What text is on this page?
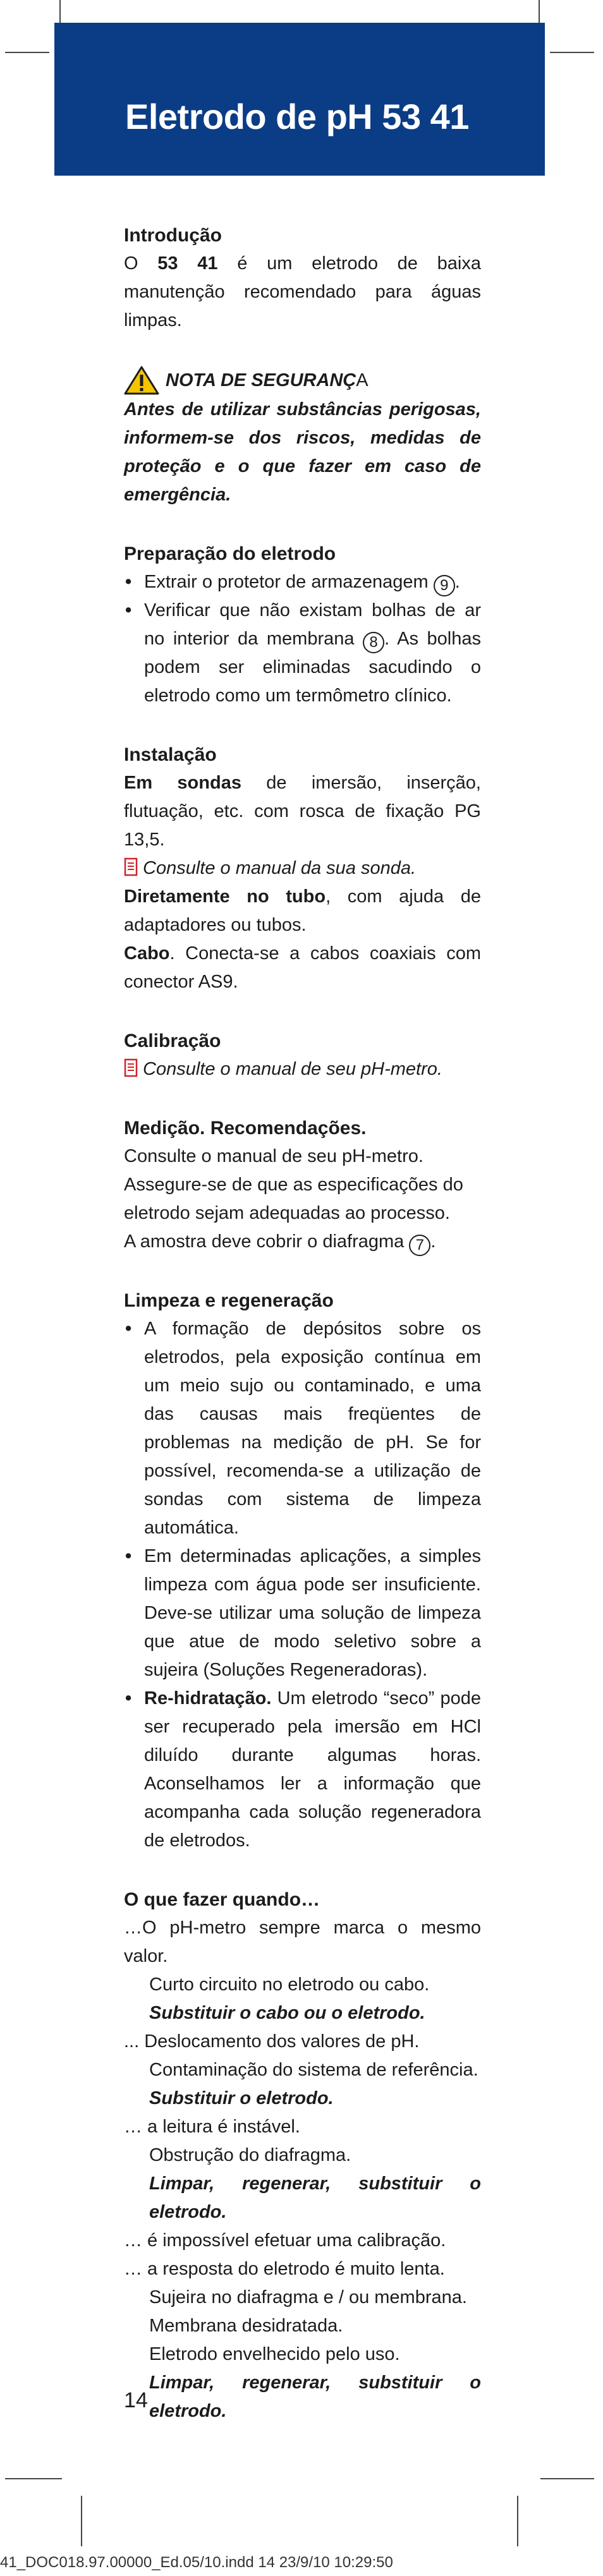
Eletrodo de pH 53 41

Introdução

O 53 41 é um eletrodo de baixa manutenção recomendado para águas limpas.

NOTA DE SEGURANÇ A

Antes de utilizar substâncias perigosas, informem-se dos riscos, medidas de proteção e o que fazer em caso de emergência.

Preparação do eletrodo

• Extrair o protetor de armazenagem 9 .
• Verificar que não existam bolhas de ar no interior da membrana 8 . As bolhas podem ser eliminadas sacudindo o eletrodo como um termômetro clínico.

Instalação

Em sondas de imersão, inserção, flutuação, etc. com rosca de fixação PG 13,5.

Consulte o manual da sua sonda.

Diretamente no tubo, com ajuda de adaptadores ou tubos.

Cabo. Conecta-se a cabos coaxiais com conector AS9.

Calibração

Consulte o manual de seu pH-metro.

Medição. Recomendações.

Consulte o manual de seu pH-metro.

Assegure-se de que as especificações do eletrodo sejam adequadas ao processo.

A amostra deve cobrir o diafragma 7 .

Limpeza e regeneração

• A formação de depósitos sobre os eletrodos, pela exposição contínua em um meio sujo ou contaminado, e uma das causas mais freqüentes de problemas na medição de pH. Se for possível, recomenda-se a utilização de sondas com sistema de limpeza automática.
• Em determinadas aplicações, a simples limpeza com água pode ser insuficiente. Deve-se utilizar uma solução de limpeza que atue de modo seletivo sobre a sujeira (Soluções Regeneradoras).
• Re-hidratação. Um eletrodo “seco” pode ser recuperado pela imersão em HCl diluído durante algumas horas. Aconselhamos ler a informação que acompanha cada solução regeneradora de eletrodos.

O que fazer quando…

…O pH-metro sempre marca o mesmo valor.

Curto circuito no eletrodo ou cabo.

Substituir o cabo ou o eletrodo.

... Deslocamento dos valores de pH.

Contaminação do sistema de referência.

Substituir o eletrodo.

… a leitura é instável.

Obstrução do diafragma.

Limpar, regenerar, substituir o eletrodo.

… é impossível efetuar uma calibração.

… a resposta do eletrodo é muito lenta.

Sujeira no diafragma e / ou membrana.

Membrana desidratada.

Eletrodo envelhecido pelo uso.

Limpar, regenerar, substituir o eletrodo.

14
41_DOC018.97.00000_Ed.05/10.indd 14 23/9/10 10:29:50
